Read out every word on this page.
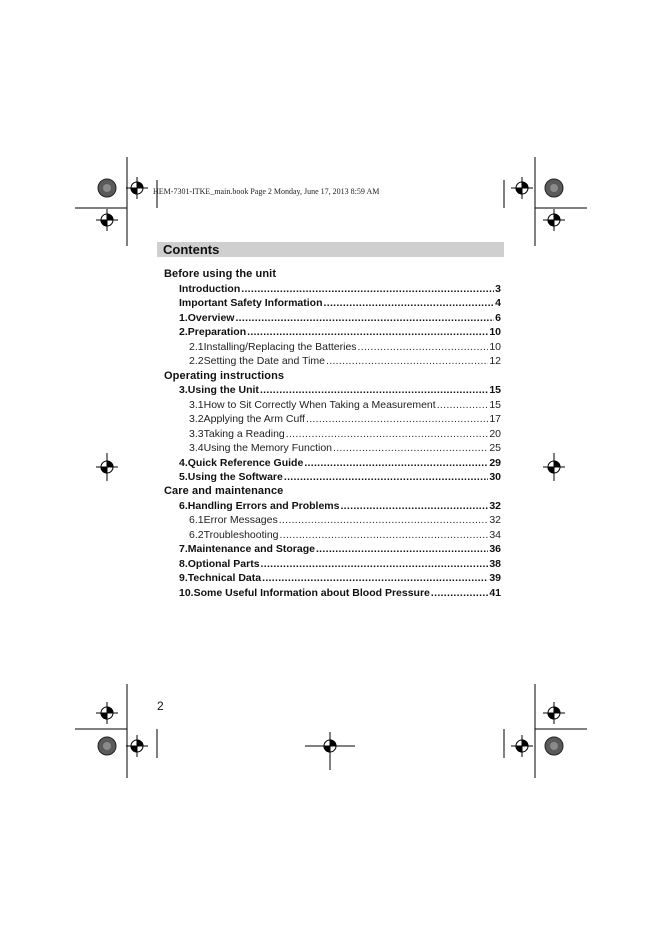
HEM-7301-ITKE_main.book Page 2 Monday, June 17, 2013 8:59 AM
Contents
Before using the unit
Introduction .....	3
Important Safety Information .....	4
1. Overview .....	6
2. Preparation .....	10
2.1 Installing/Replacing the Batteries .....	10
2.2 Setting the Date and Time .....	12
Operating instructions
3. Using the Unit .....	15
3.1 How to Sit Correctly When Taking a Measurement .....	15
3.2 Applying the Arm Cuff .....	17
3.3 Taking a Reading .....	20
3.4 Using the Memory Function .....	25
4. Quick Reference Guide .....	29
5. Using the Software .....	30
Care and maintenance
6. Handling Errors and Problems .....	32
6.1 Error Messages .....	32
6.2 Troubleshooting .....	34
7. Maintenance and Storage .....	36
8. Optional Parts .....	38
9. Technical Data .....	39
10. Some Useful Information about Blood Pressure .....	41
2
